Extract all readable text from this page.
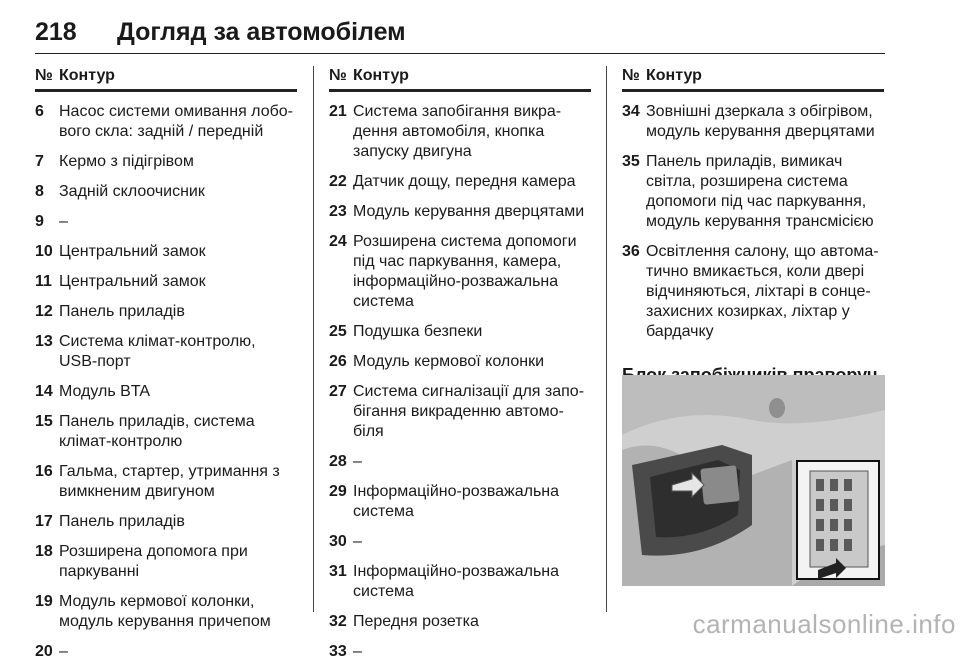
218 Догляд за автомобілем
№ Контур
6 Насос системи омивання лобо-вого скла: задній / передній
7 Кермо з підігрівом
8 Задній склоочисник
9 –
10 Центральний замок
11 Центральний замок
12 Панель приладів
13 Система клімат-контролю, USB-порт
14 Модуль BTA
15 Панель приладів, система клімат-контролю
16 Гальма, стартер, утримання з вимкненим двигуном
17 Панель приладів
18 Розширена допомога при паркуванні
19 Модуль кермової колонки, модуль керування причепом
20 –
№ Контур
21 Система запобігання викра-дення автомобіля, кнопка запуску двигуна
22 Датчик дощу, передня камера
23 Модуль керування дверцятами
24 Розширена система допомоги під час паркування, камера, інформаційно-розважальна система
25 Подушка безпеки
26 Модуль кермової колонки
27 Система сигналізації для запо-бігання викраденню автомо-біля
28 –
29 Інформаційно-розважальна система
30 –
31 Інформаційно-розважальна система
32 Передня розетка
33 –
№ Контур
34 Зовнішні дзеркала з обігрівом, модуль керування дверцятами
35 Панель приладів, вимикач світла, розширена система допомоги під час паркування, модуль керування трансмісією
36 Освітлення салону, що автома-тично вмикається, коли двері відчиняються, ліхтарі в сонце-захисних козирках, ліхтар у бардачку
carmanualsonline.info
